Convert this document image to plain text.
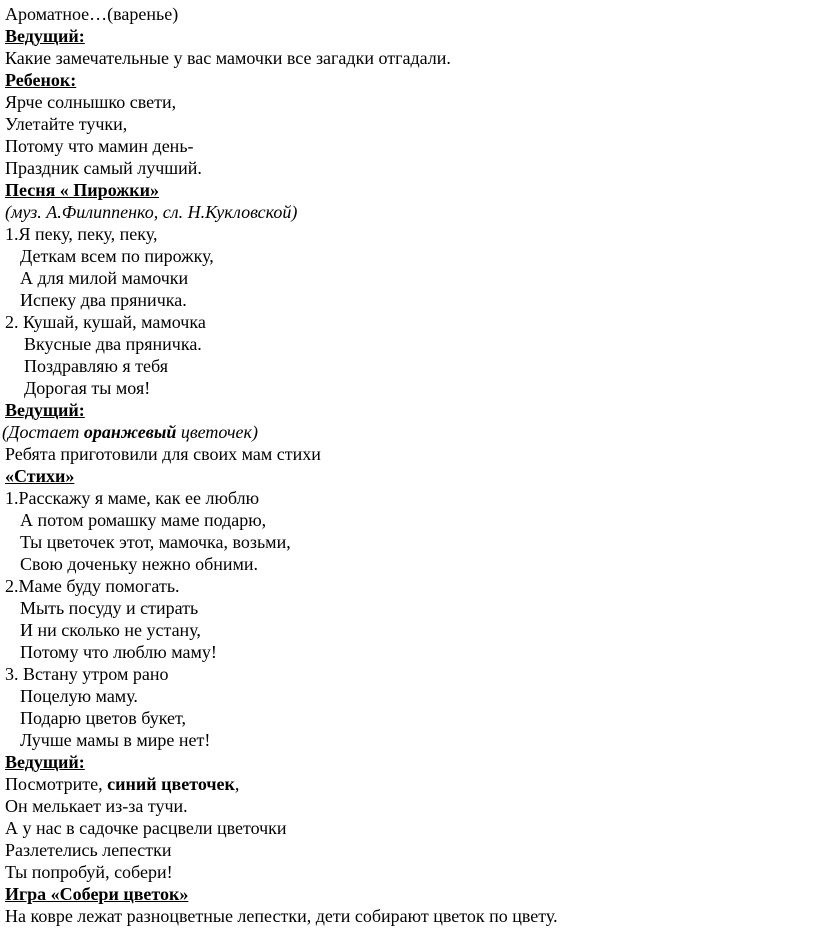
Ароматное…(варенье)
Ведущий:
Какие замечательные у вас мамочки все загадки отгадали.
Ребенок:
Ярче солнышко свети,
Улетайте тучки,
Потому что мамин день-
Праздник самый лучший.
Песня « Пирожки»
(муз. А.Филиппенко, сл. Н.Кукловской)
1.Я пеку, пеку, пеку,
Деткам всем по пирожку,
А для милой мамочки
Испеку два пряничка.
2. Кушай, кушай, мамочка
Вкусные два пряничка.
Поздравляю я тебя
Дорогая ты моя!
Ведущий:
(Достает оранжевый цветочек)
Ребята приготовили для своих мам стихи
«Стихи»
1.Расскажу я маме, как ее люблю
А потом ромашку маме подарю,
Ты цветочек этот, мамочка, возьми,
Свою доченьку нежно обними.
2.Маме буду помогать.
Мыть посуду и стирать
И ни сколько не устану,
Потому что люблю маму!
3. Встану утром рано
Поцелую маму.
Подарю цветов букет,
Лучше мамы в мире нет!
Ведущий:
Посмотрите, синий цветочек,
Он мелькает из-за тучи.
А у нас в садочке расцвели цветочки
Разлетелись лепестки
Ты попробуй, собери!
Игра «Собери цветок»
На ковре лежат разноцветные лепестки, дети собирают цветок по цвету.
